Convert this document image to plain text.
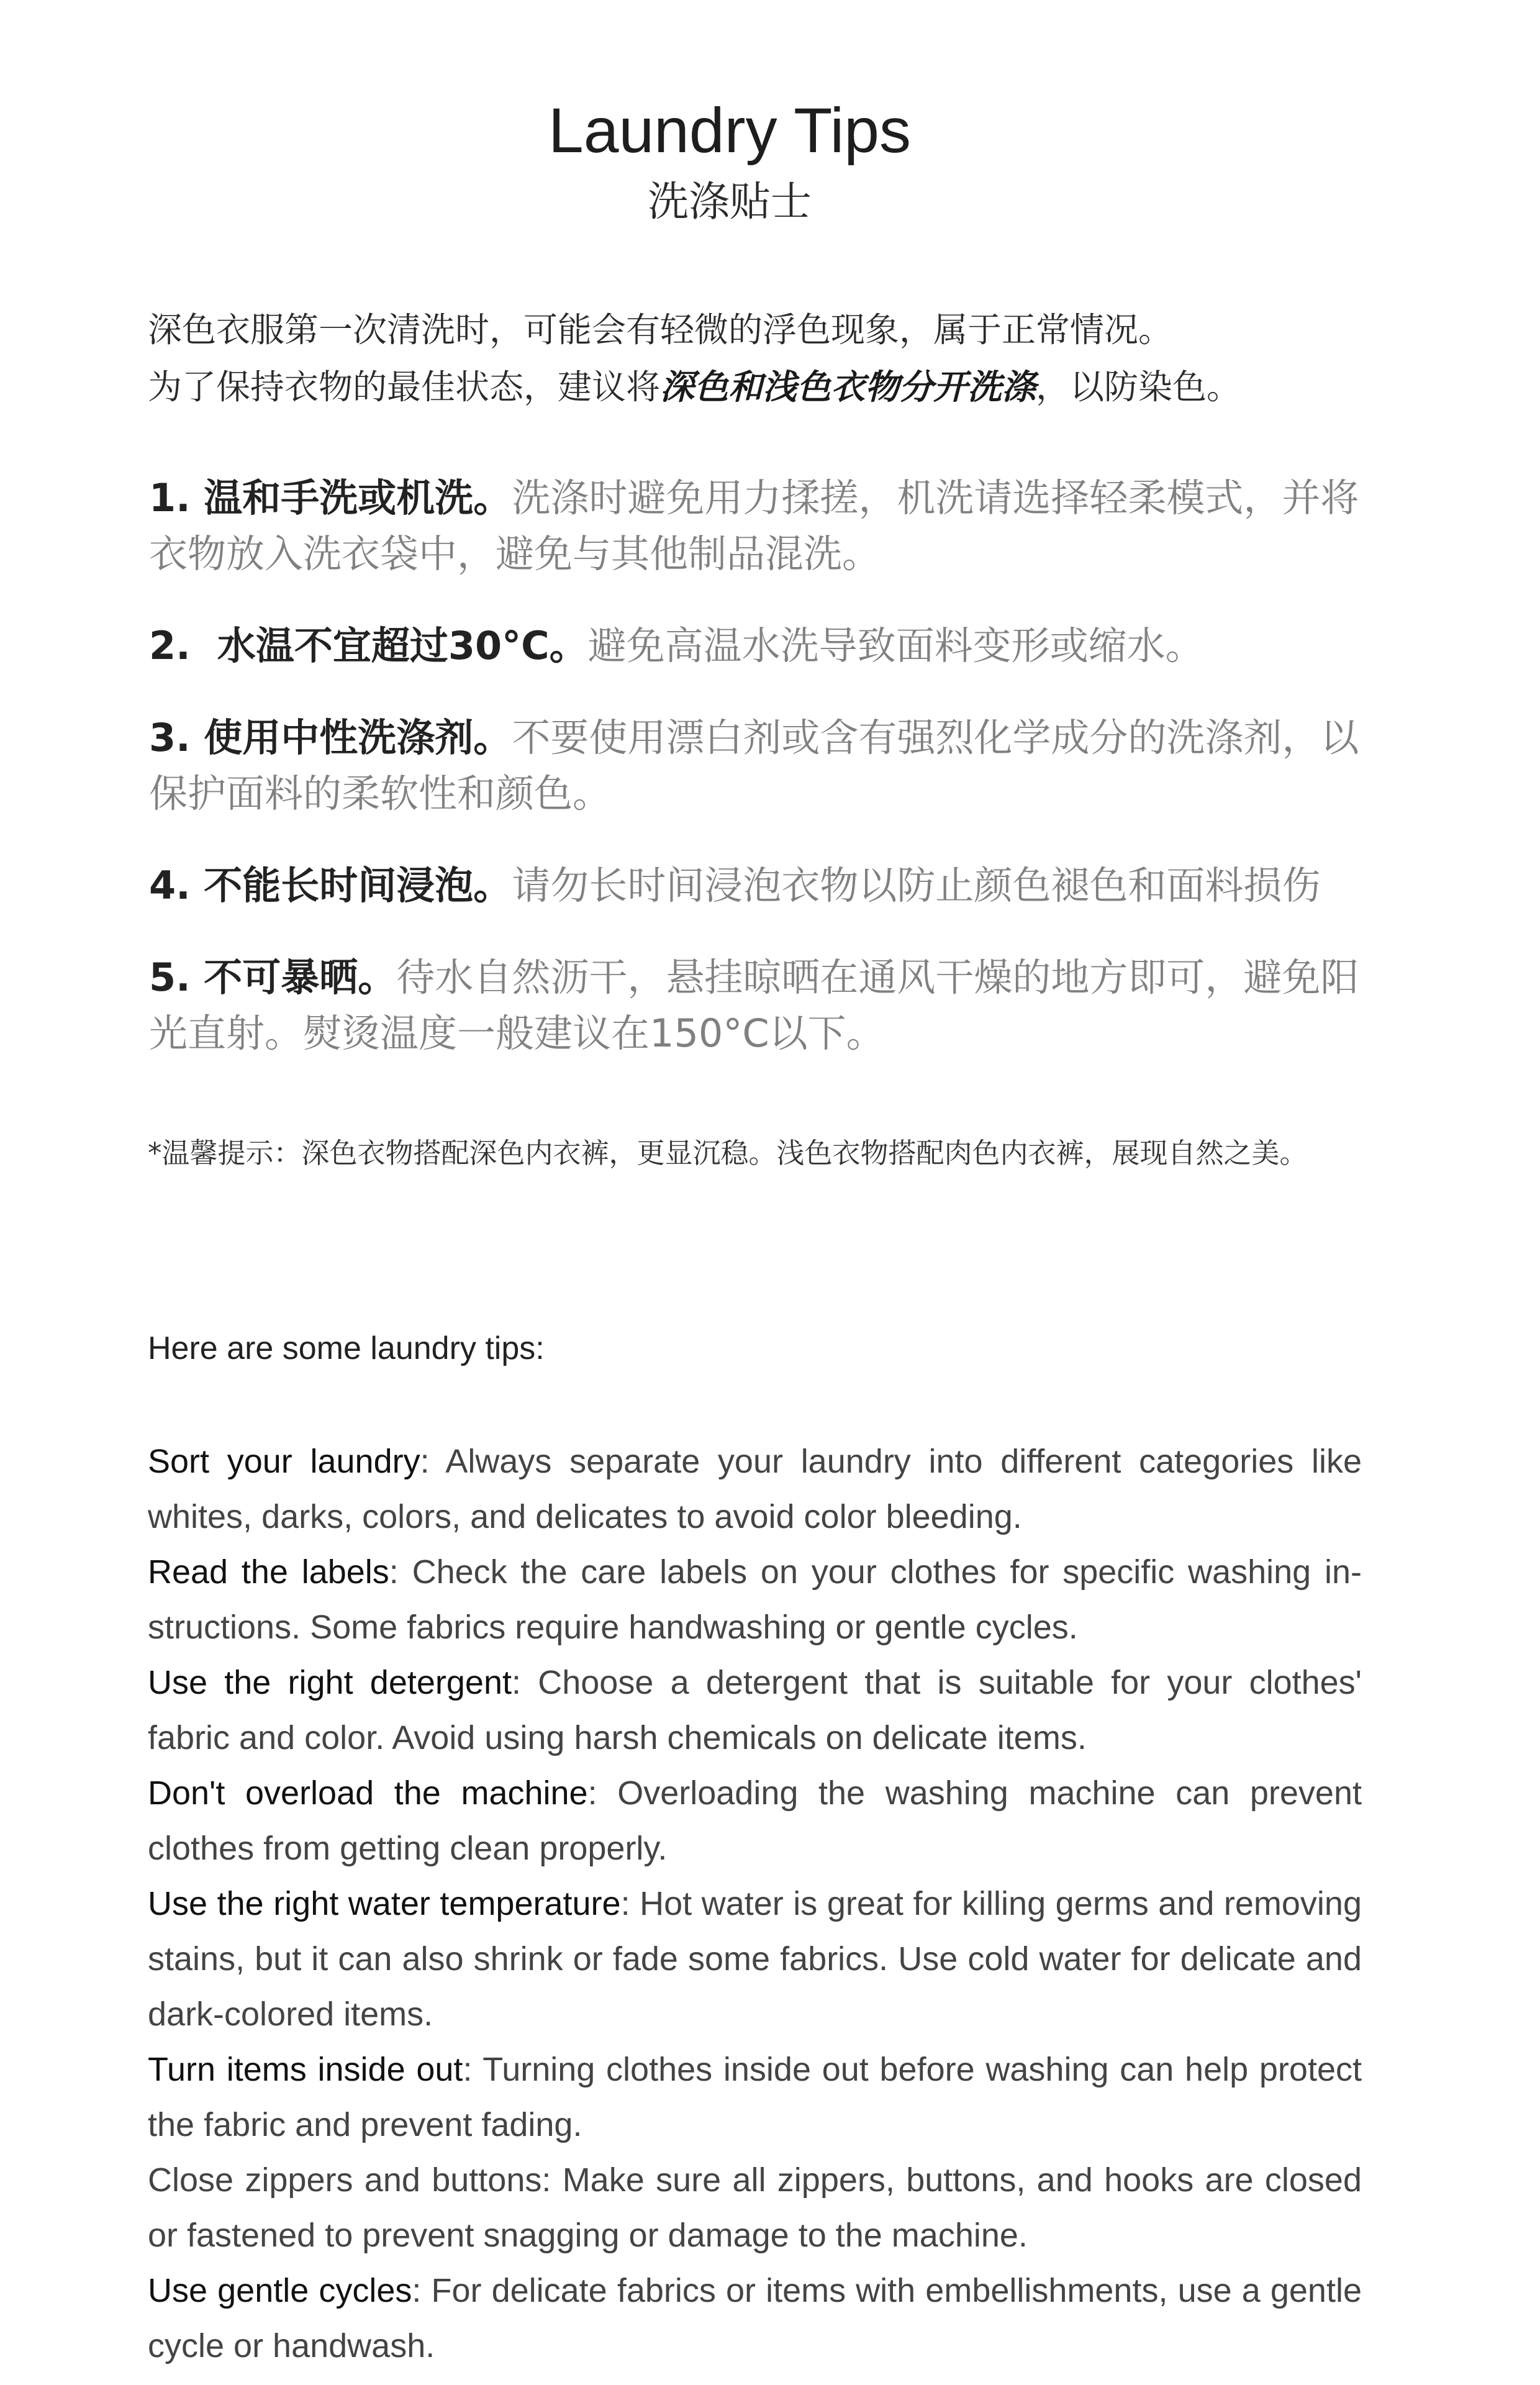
Laundry Tips
洗涤贴士

深色衣服第一次清洗时，可能会有轻微的浮色现象，属于正常情况。

为了保持衣物的最佳状态，建议将深色和浅色衣物分开洗涤，以防染色。

1. 温和手洗或机洗。洗涤时避免用力揉搓，机洗请选择轻柔模式，并将衣物放入洗衣袋中，避免与其他制品混洗。

2. 水温不宜超过30°C。避免高温水洗导致面料变形或缩水。

3. 使用中性洗涤剂。不要使用漂白剂或含有强烈化学成分的洗涤剂，以保护面料的柔软性和颜色。

4. 不能长时间浸泡。请勿长时间浸泡衣物以防止颜色褪色和面料损伤

5. 不可暴晒。待水自然沥干，悬挂晾晒在通风干燥的地方即可，避免阳光直射。熨烫温度一般建议在150°C以下。

*温馨提示：深色衣物搭配深色内衣裤，更显沉稳。浅色衣物搭配肉色内衣裤，展现自然之美。

Here are some laundry tips:

Sort your laundry: Always separate your laundry into different categories like whites, darks, colors, and delicates to avoid color bleeding.

Read the labels: Check the care labels on your clothes for specific washing instructions. Some fabrics require handwashing or gentle cycles.

Use the right detergent: Choose a detergent that is suitable for your clothes' fabric and color. Avoid using harsh chemicals on delicate items.

Don't overload the machine: Overloading the washing machine can prevent clothes from getting clean properly.

Use the right water temperature: Hot water is great for killing germs and removing stains, but it can also shrink or fade some fabrics. Use cold water for delicate and dark-colored items.

Turn items inside out: Turning clothes inside out before washing can help protect the fabric and prevent fading.

Close zippers and buttons: Make sure all zippers, buttons, and hooks are closed or fastened to prevent snagging or damage to the machine.

Use gentle cycles: For delicate fabrics or items with embellishments, use a gentle cycle or handwash.
